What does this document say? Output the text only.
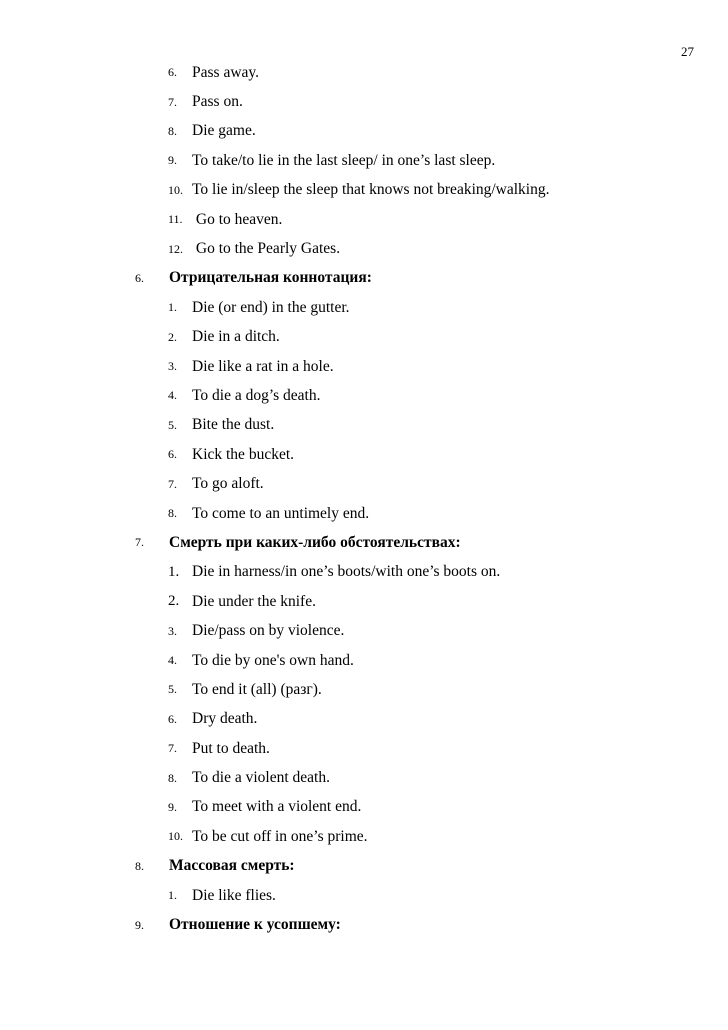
27
6. Pass away.
7. Pass on.
8. Die game.
9. To take/to lie in the last sleep/ in one’s last sleep.
10. To lie in/sleep the sleep that knows not breaking/walking.
11. Go to heaven.
12. Go to the Pearly Gates.
6.	Отрицательная коннотация:
1. Die (or end) in the gutter.
2. Die in a ditch.
3. Die like a rat in a hole.
4. To die a dog’s death.
5. Bite the dust.
6. Kick the bucket.
7. To go aloft.
8. To come to an untimely end.
7.	Смерть при каких-либо обстоятельствах:
1. Die in harness/in one’s boots/with one’s boots on.
2. Die under the knife.
3. Die/pass on by violence.
4. To die by one's own hand.
5. To end it (all) (разг).
6. Dry death.
7. Put to death.
8. To die a violent death.
9. To meet with a violent end.
10. To be cut off in one’s prime.
8.	Массовая смерть:
1. Die like flies.
9.	Отношение к усопшему:
